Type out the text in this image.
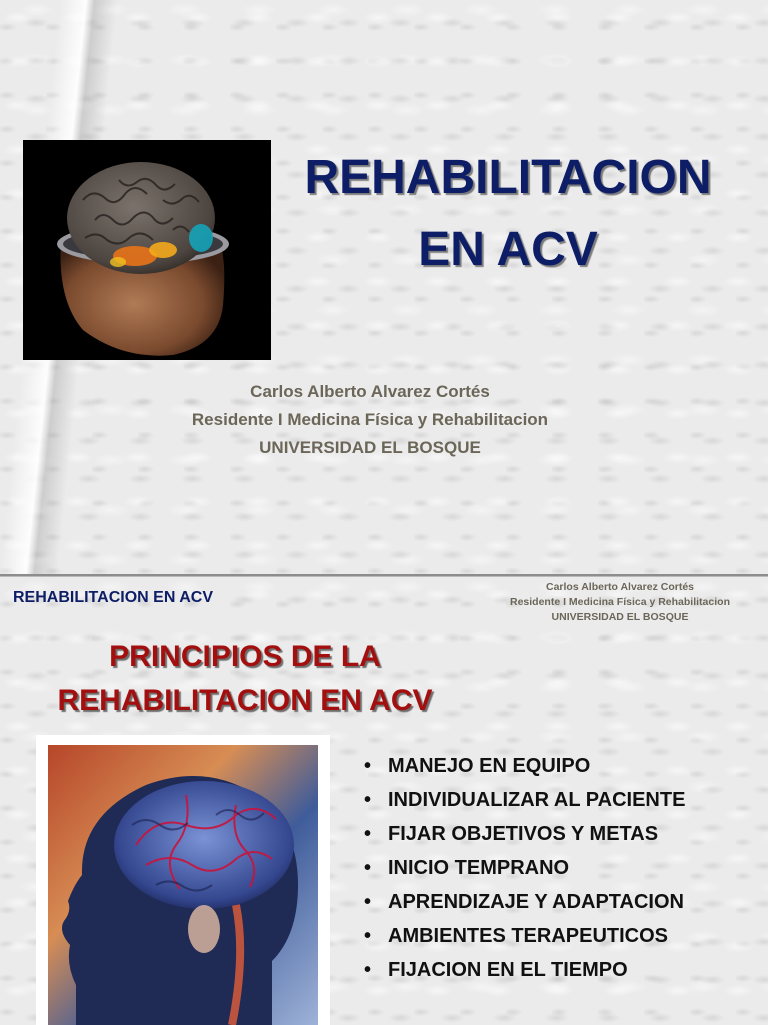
REHABILITACION
EN ACV
Carlos Alberto Alvarez Cortés
Residente I Medicina Física y Rehabilitacion
UNIVERSIDAD EL BOSQUE
REHABILITACION EN ACV
Carlos Alberto Alvarez Cortés
Residente I Medicina Física y Rehabilitacion
UNIVERSIDAD EL BOSQUE
PRINCIPIOS DE LA
REHABILITACION EN ACV
• MANEJO EN EQUIPO
• INDIVIDUALIZAR AL PACIENTE
• FIJAR OBJETIVOS Y METAS
• INICIO TEMPRANO
• APRENDIZAJE Y ADAPTACION
• AMBIENTES TERAPEUTICOS
• FIJACION EN EL TIEMPO
